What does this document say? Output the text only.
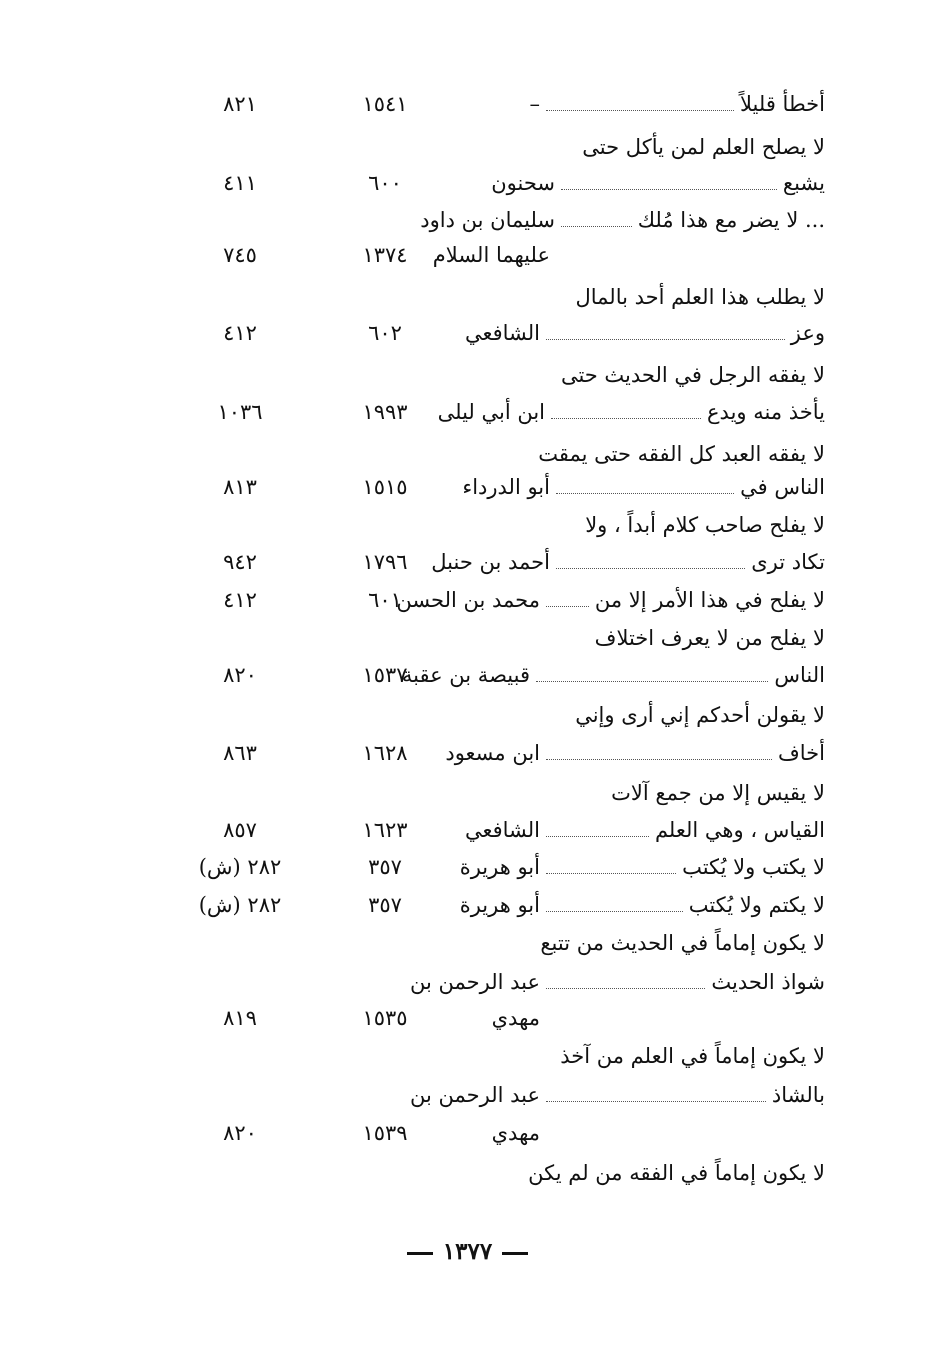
أخطأ قليلاً
–
١٥٤١
٨٢١
لا يصلح العلم لمن يأكل حتى
يشبع
سحنون
٦٠٠
٤١١
... لا يضر مع هذا مُلك
سليمان بن داود
عليهما السلام
١٣٧٤
٧٤٥
لا يطلب هذا العلم أحد بالمال
وعز
الشافعي
٦٠٢
٤١٢
لا يفقه الرجل في الحديث حتى
يأخذ منه ويدع
ابن أبي ليلى
١٩٩٣
١٠٣٦
لا يفقه العبد كل الفقه حتى يمقت
الناس في
أبو الدرداء
١٥١٥
٨١٣
لا يفلح صاحب كلام أبداً ، ولا
تكاد ترى
أحمد بن حنبل
١٧٩٦
٩٤٢
لا يفلح في هذا الأمر إلا من
محمد بن الحسن
٦٠١
٤١٢
لا يفلح من لا يعرف اختلاف
الناس
قبيصة بن عقبة
١٥٣٧
٨٢٠
لا يقولن أحدكم إني أرى وإني
أخاف
ابن مسعود
١٦٢٨
٨٦٣
لا يقيس إلا من جمع آلات
القياس ، وهي العلم
الشافعي
١٦٢٣
٨٥٧
لا يكتب ولا يُكتب
أبو هريرة
٣٥٧
٢٨٢ (ش)
لا يكتم ولا يُكتب
أبو هريرة
٣٥٧
٢٨٢ (ش)
لا يكون إماماً في الحديث من تتبع
شواذ الحديث
عبد الرحمن بن
مهدي
١٥٣٥
٨١٩
لا يكون إماماً في العلم من آخذ
بالشاذ
عبد الرحمن بن
مهدي
١٥٣٩
٨٢٠
لا يكون إماماً في الفقه من لم يكن
١٣٧٧
